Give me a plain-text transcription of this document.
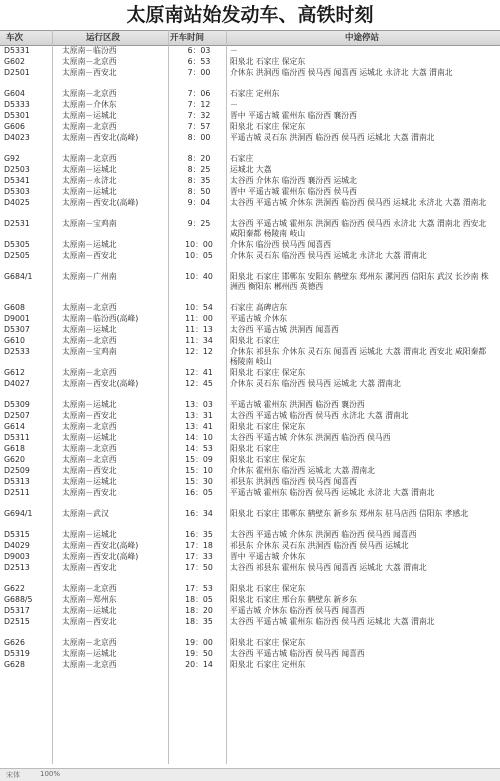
太原南站始发动车、高铁时刻
车次	运行区段	开车时间	中途停站
D5331	太原南－临汾西	6：03	－
G602	太原南－北京西	6：53	阳泉北 石家庄 保定东
D2501	太原南－西安北	7：00	介休东 洪洞西 临汾西 侯马西 闻喜西 运城北 永济北 大荔 渭南北
G604	太原南－北京西	7：06	石家庄 定州东
D5333	太原南－介休东	7：12	－
D5301	太原南－运城北	7：32	晋中 平遥古城 霍州东 临汾西 襄汾西
G606	太原南－北京西	7：57	阳泉北 石家庄 保定东
D4023	太原南－西安北(高峰)	8：00	平遥古城 灵石东 洪洞西 临汾西 侯马西 运城北 大荔 渭南北
G92	太原南－北京西	8：20	石家庄
D2503	太原南－运城北	8：25	运城北 大荔
D5341	太原南－永济北	8：35	太谷西 介休东 临汾西 襄汾西 运城北
D5303	太原南－运城北	8：50	晋中 平遥古城 霍州东 临汾西 侯马西
D4025	太原南－西安北(高峰)	9：04	太谷西 平遥古城 介休东 洪洞西 临汾西 侯马西 运城北 永济北 大荔 渭南北
D2531	太原南－宝鸡南	9：25	太谷西 平遥古城 霍州东 洪洞西 临汾西 侯马西 永济北 大荔 渭南北 西安北 咸阳秦都 杨陵南 岐山
D5305	太原南－运城北	10：00	介休东 临汾西 侯马西 闻喜西
D2505	太原南－西安北	10：05	介休东 灵石东 临汾西 侯马西 运城北 永济北 大荔 渭南北
G684/1	太原南－广州南	10：40	阳泉北 石家庄 邯郸东 安阳东 鹤壁东 郑州东 漯河西 信阳东 武汉 长沙南 株洲西 衡阳东 郴州西 英德西
G608	太原南－北京西	10：54	石家庄 高碑店东
D9001	太原南－临汾西(高峰)	11：00	平遥古城 介休东
D5307	太原南－运城北	11：13	太谷西 平遥古城 洪洞西 闻喜西
G610	太原南－北京西	11：34	阳泉北 石家庄
D2533	太原南－宝鸡南	12：12	介休东 祁县东 介休东 灵石东 闻喜西 运城北 大荔 渭南北 西安北 咸阳秦都 杨陵南 岐山
G612	太原南－北京西	12：41	阳泉北 石家庄 保定东
D4027	太原南－西安北(高峰)	12：45	介休东 灵石东 临汾西 侯马西 运城北 大荔 渭南北
D5309	太原南－运城北	13：03	平遥古城 霍州东 洪洞西 临汾西 襄汾西
D2507	太原南－西安北	13：31	太谷西 平遥古城 临汾西 侯马西 永济北 大荔 渭南北
G614	太原南－北京西	13：41	阳泉北 石家庄 保定东
D5311	太原南－运城北	14：10	太谷西 平遥古城 介休东 洪洞西 临汾西 侯马西
G618	太原南－北京西	14：53	阳泉北 石家庄
G620	太原南－北京西	15：09	阳泉北 石家庄 保定东
D2509	太原南－西安北	15：10	介休东 霍州东 临汾西 运城北 大荔 渭南北
D5313	太原南－运城北	15：30	祁县东 洪洞西 临汾西 侯马西 闻喜西
D2511	太原南－西安北	16：05	平遥古城 霍州东 临汾西 侯马西 运城北 永济北 大荔 渭南北
G694/1	太原南－武汉	16：34	阳泉北 石家庄 邯郸东 鹤壁东 新乡东 郑州东 驻马店西 信阳东 孝感北
D5315	太原南－运城北	16：35	太谷西 平遥古城 介休东 洪洞西 临汾西 侯马西 闻喜西
D4029	太原南－西安北(高峰)	17：18	祁县东 介休东 灵石东 洪洞西 临汾西 侯马西 运城北
D9003	太原南－西安北(高峰)	17：33	晋中 平遥古城 介休东
D2513	太原南－西安北	17：50	太谷西 祁县东 霍州东 侯马西 闻喜西 运城北 大荔 渭南北
G622	太原南－北京西	17：53	阳泉北 石家庄 保定东
G688/5	太原南－郑州东	18：05	阳泉北 石家庄 邢台东 鹤壁东 新乡东
D5317	太原南－运城北	18：20	平遥古城 介休东 临汾西 侯马西 闻喜西
D2515	太原南－西安北	18：35	太谷西 平遥古城 霍州东 临汾西 侯马西 运城北 大荔 渭南北
G626	太原南－北京西	19：00	阳泉北 石家庄 保定东
D5319	太原南－运城北	19：50	太谷西 平遥古城 临汾西 侯马西 闻喜西
G628	太原南－北京西	20：14	阳泉北 石家庄 定州东
宋体	100%
